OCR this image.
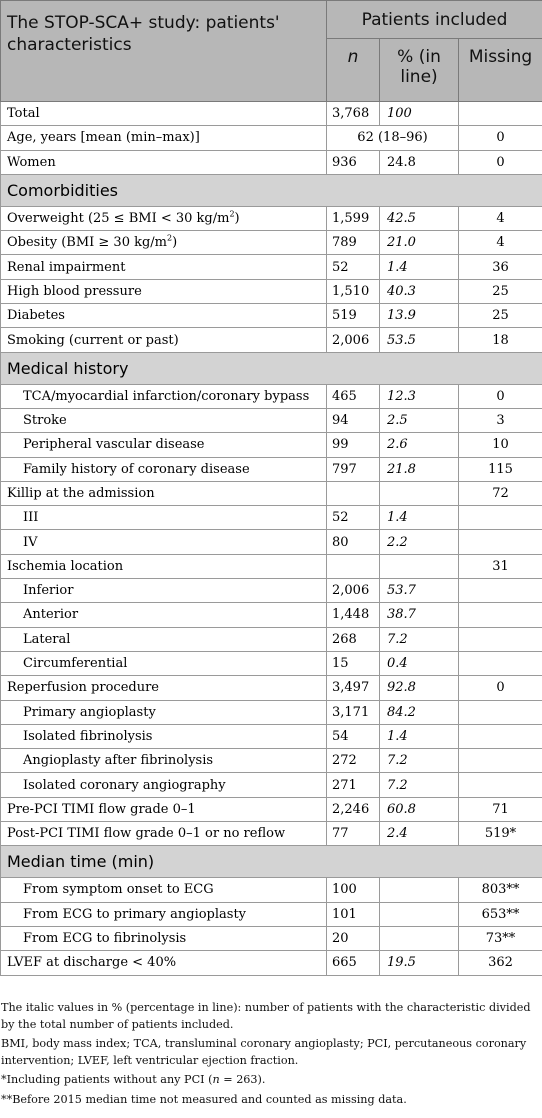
The STOP-SCA+ study: patients' characteristics	Patients included		
	n	% (in line)	Missing
Total	3,768	100	
Age, years [mean (min–max)]	62 (18–96)		0
Women	936	24.8	0
Comorbidities			
Overweight (25 ≤ BMI < 30 $kg/m^2$)	1,599	42.5	4
Obesity (BMI ≥ 30 $kg/m^2$)	789	21.0	4
Renal impairment	52	1.4	36
High blood pressure	1,510	40.3	25
Diabetes	519	13.9	25
Smoking (current or past)	2,006	53.5	18
Medical history			
TCA/myocardial infarction/coronary bypass	465	12.3	0
Stroke	94	2.5	3
Peripheral vascular disease	99	2.6	10
Family history of coronary disease	797	21.8	115
Killip at the admission			72
III	52	1.4	
IV	80	2.2	
Ischemia location			31
Inferior	2,006	53.7	
Anterior	1,448	38.7	
Lateral	268	7.2	
Circumferential	15	0.4	
Reperfusion procedure	3,497	92.8	0
Primary angioplasty	3,171	84.2	
Isolated fibrinolysis	54	1.4	
Angioplasty after fibrinolysis	272	7.2	
Isolated coronary angiography	271	7.2	
Pre-PCI TIMI flow grade 0–1	2,246	60.8	71
Post-PCI TIMI flow grade 0–1 or no reflow	77	2.4	519*
Median time (min)			
From symptom onset to ECG	100		803**
From ECG to primary angioplasty	101		653**
From ECG to fibrinolysis	20		73**
LVEF at discharge < 40%	665	19.5	362

The italic values in % (percentage in line): number of patients with the characteristic divided by the total number of patients included.

BMI, body mass index; TCA, transluminal coronary angioplasty; PCI, percutaneous coronary intervention; LVEF, left ventricular ejection fraction.

*Including patients without any PCI (n = 263).

**Before 2015 median time not measured and counted as missing data.
